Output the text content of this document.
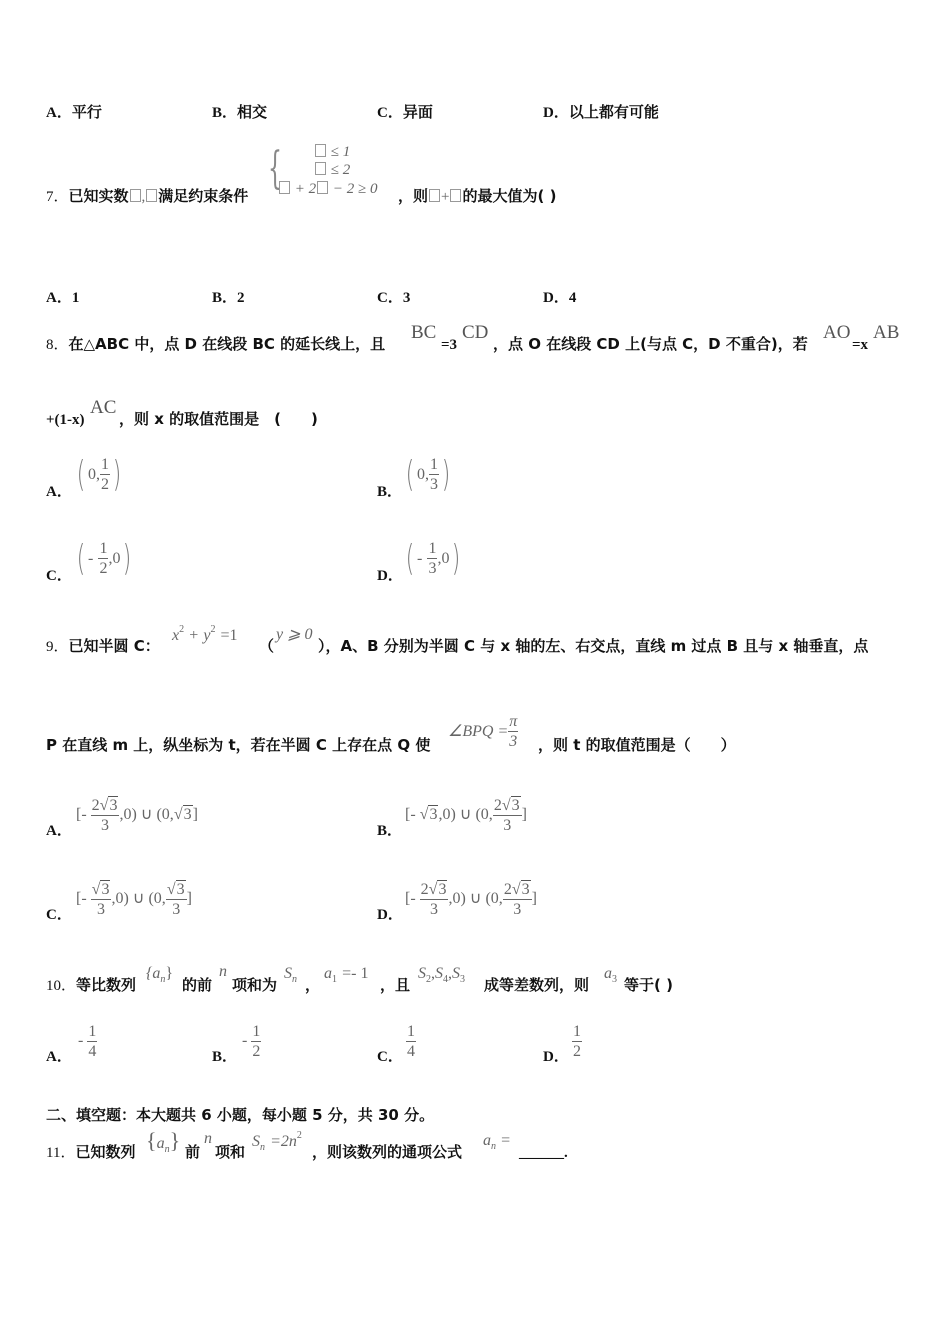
A．平行	B．相交	C．异面	D．以上都有可能
7．已知实数 , 满足约束条件
{	≤ 1
≤ 2
+ 2 − 2 ≥ 0 ，则 + 的最大值为( )
A．1	B．2	C．3	D．4
8．在△ABC 中，点 D 在线段 BC 的延长线上，且
BC
=3
CD
，点 O 在线段 CD 上(与点 C，D 不重合)，若
AO
=x
AB
+(1-x)
AC
，则 x 的取值范围是　(　　)
A． ( 0, $\frac{1}{2}$ )	B． ( 0, $\frac{1}{3}$ )
C． ( - $\frac{1}{2} ,0$)	D． ( - $\frac{1}{3} ,0$)
9．已知半圆 C：
$x^2 + y^2 =1$
（
y ⩾ 0
），A、B 分别为半圆 C 与 x 轴的左、右交点，直线 m 过点 B 且与 x 轴垂直，点
P 在直线 m 上，纵坐标为 t，若在半圆 C 上存在点 Q 使
∠BPQ = $\frac{\pi}{3}$ ，则 t 的取值范围是（　　）
A．
[- $\frac{2√3}{3} ,0$) ∪ (0,√3]
B．
[- √3,0) ∪ (0, $\frac{2√3}{3}$ ]
C．
[- $\frac{√3}{3} ,0$) ∪ (0, $\frac{√3}{3}$ ]
D．
[- $\frac{2√3}{3} ,0$) ∪ (0, $\frac{2√3}{3}$ ]
10．等比数列
$\{a_n\}$
的前
n
项和为
$S_n$ ，
$a_1 =- 1$
，且
$S_2,S_4,S_3$ 成等差数列，则
$a_3$ 等于( )
A．
- $\frac{1}{4}$	B．
- $\frac{1}{2}$	C． $\frac{1}{4}$	D． $\frac{1}{2}$
二、填空题：本大题共 6 小题，每小题 5 分，共 30 分。
11．已知数列 $\{a_n\}$ 前
n
项和
$S_n =2n^2$
，则该数列的通项公式
$a_n$ =
______.
